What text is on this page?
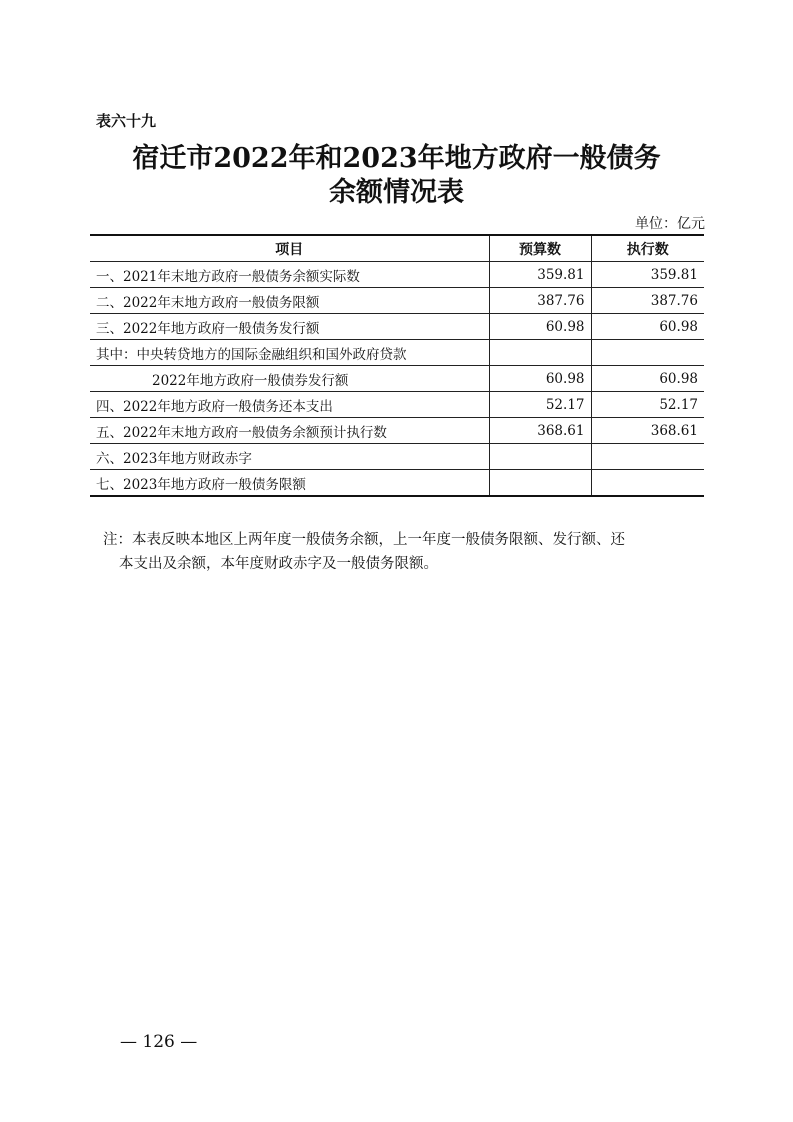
表六十九
宿迁市2022年和2023年地方政府一般债务
余额情况表
单位：亿元
项目	预算数	执行数
一、2021年末地方政府一般债务余额实际数	359.81	359.81
二、2022年末地方政府一般债务限额	387.76	387.76
三、2022年地方政府一般债务发行额	60.98	60.98
其中：中央转贷地方的国际金融组织和国外政府贷款		
2022年地方政府一般债券发行额	60.98	60.98
四、2022年地方政府一般债务还本支出	52.17	52.17
五、2022年末地方政府一般债务余额预计执行数	368.61	368.61
六、2023年地方财政赤字		
七、2023年地方政府一般债务限额		
注：本表反映本地区上两年度一般债务余额，上一年度一般债务限额、发行额、还
本支出及余额，本年度财政赤字及一般债务限额。
— 126 —
